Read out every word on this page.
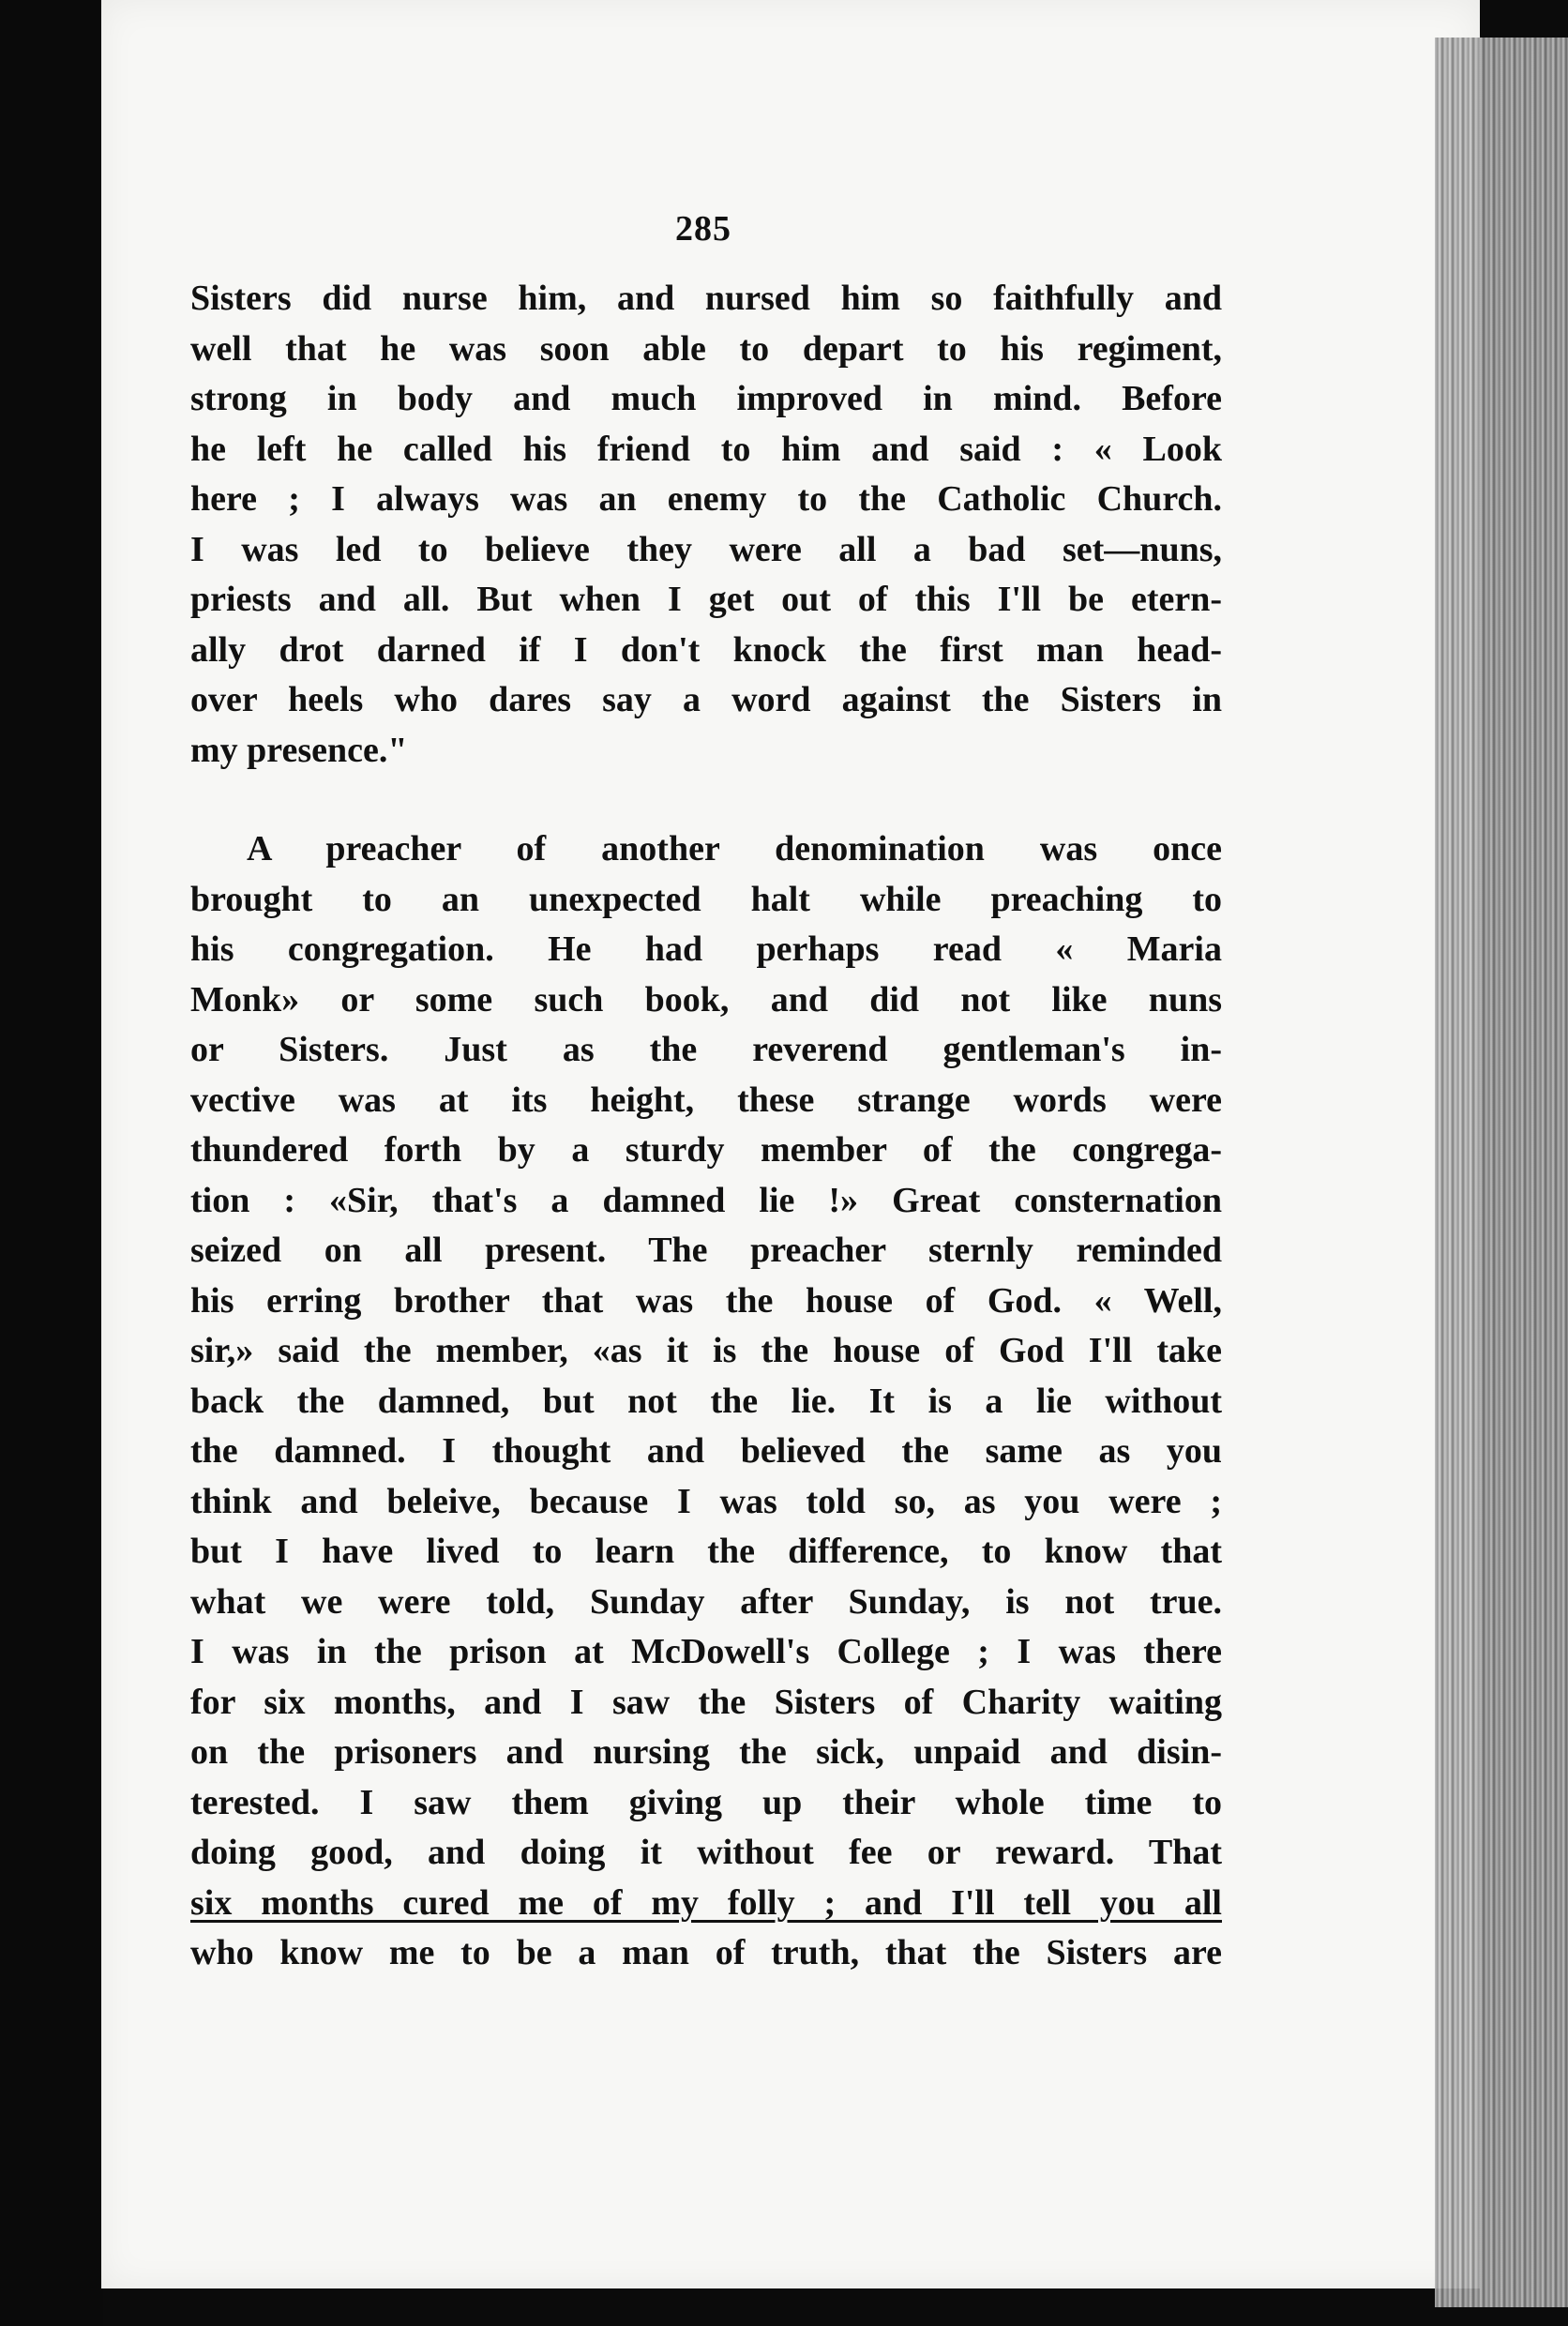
285
Sisters did nurse him, and nursed him so faithfully and
well that he was soon able to depart to his regiment,
strong in body and much improved in mind. Before
he left he called his friend to him and said : « Look
here ; I always was an enemy to the Catholic Church.
I was led to believe they were all a bad set—nuns,
priests and all. But when I get out of this I'll be etern-
ally drot darned if I don't knock the first man head-
over heels who dares say a word against the Sisters in
my presence."
A preacher of another denomination was once
brought to an unexpected halt while preaching to
his congregation. He had perhaps read « Maria
Monk» or some such book, and did not like nuns
or Sisters. Just as the reverend gentleman's in-
vective was at its height, these strange words were
thundered forth by a sturdy member of the congrega-
tion : «Sir, that's a damned lie !» Great consternation
seized on all present. The preacher sternly reminded
his erring brother that was the house of God. « Well,
sir,» said the member, «as it is the house of God I'll take
back the damned, but not the lie. It is a lie without
the damned. I thought and believed the same as you
think and beleive, because I was told so, as you were ;
but I have lived to learn the difference, to know that
what we were told, Sunday after Sunday, is not true.
I was in the prison at McDowell's College ; I was there
for six months, and I saw the Sisters of Charity waiting
on the prisoners and nursing the sick, unpaid and disin-
terested. I saw them giving up their whole time to
doing good, and doing it without fee or reward. That
six months cured me of my folly ; and I'll tell you all
who know me to be a man of truth, that the Sisters are
